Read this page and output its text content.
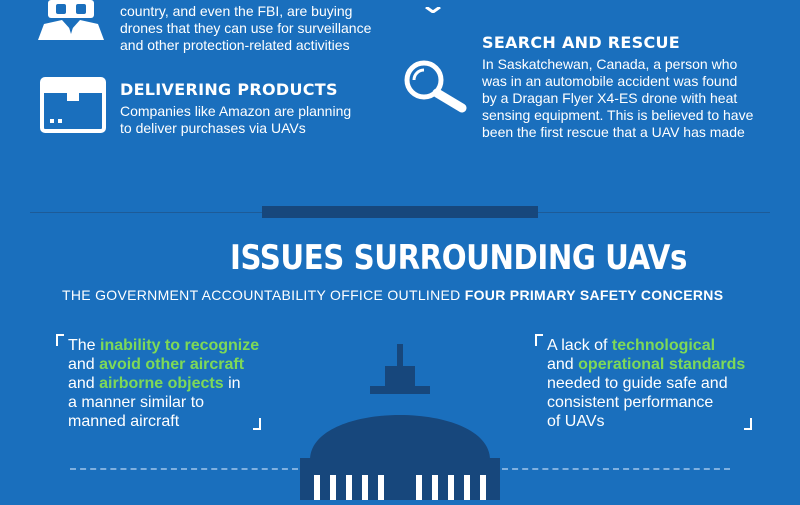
country, and even the FBI, are buying
drones that they can use for surveillance
and other protection-related activities
DELIVERING PRODUCTS
Companies like Amazon are planning
to deliver purchases via UAVs
SEARCH AND RESCUE
In Saskatchewan, Canada, a person who
was in an automobile accident was found
by a Dragan Flyer X4-ES drone with heat
sensing equipment. This is believed to have
been the first rescue that a UAV has made
ISSUES SURROUNDING UAVs
THE GOVERNMENT ACCOUNTABILITY OFFICE OUTLINED FOUR PRIMARY SAFETY CONCERNS
The inability to recognize
and avoid other aircraft
and airborne objects in
a manner similar to
manned aircraft
A lack of technological
and operational standards
needed to guide safe and
consistent performance
of UAVs
